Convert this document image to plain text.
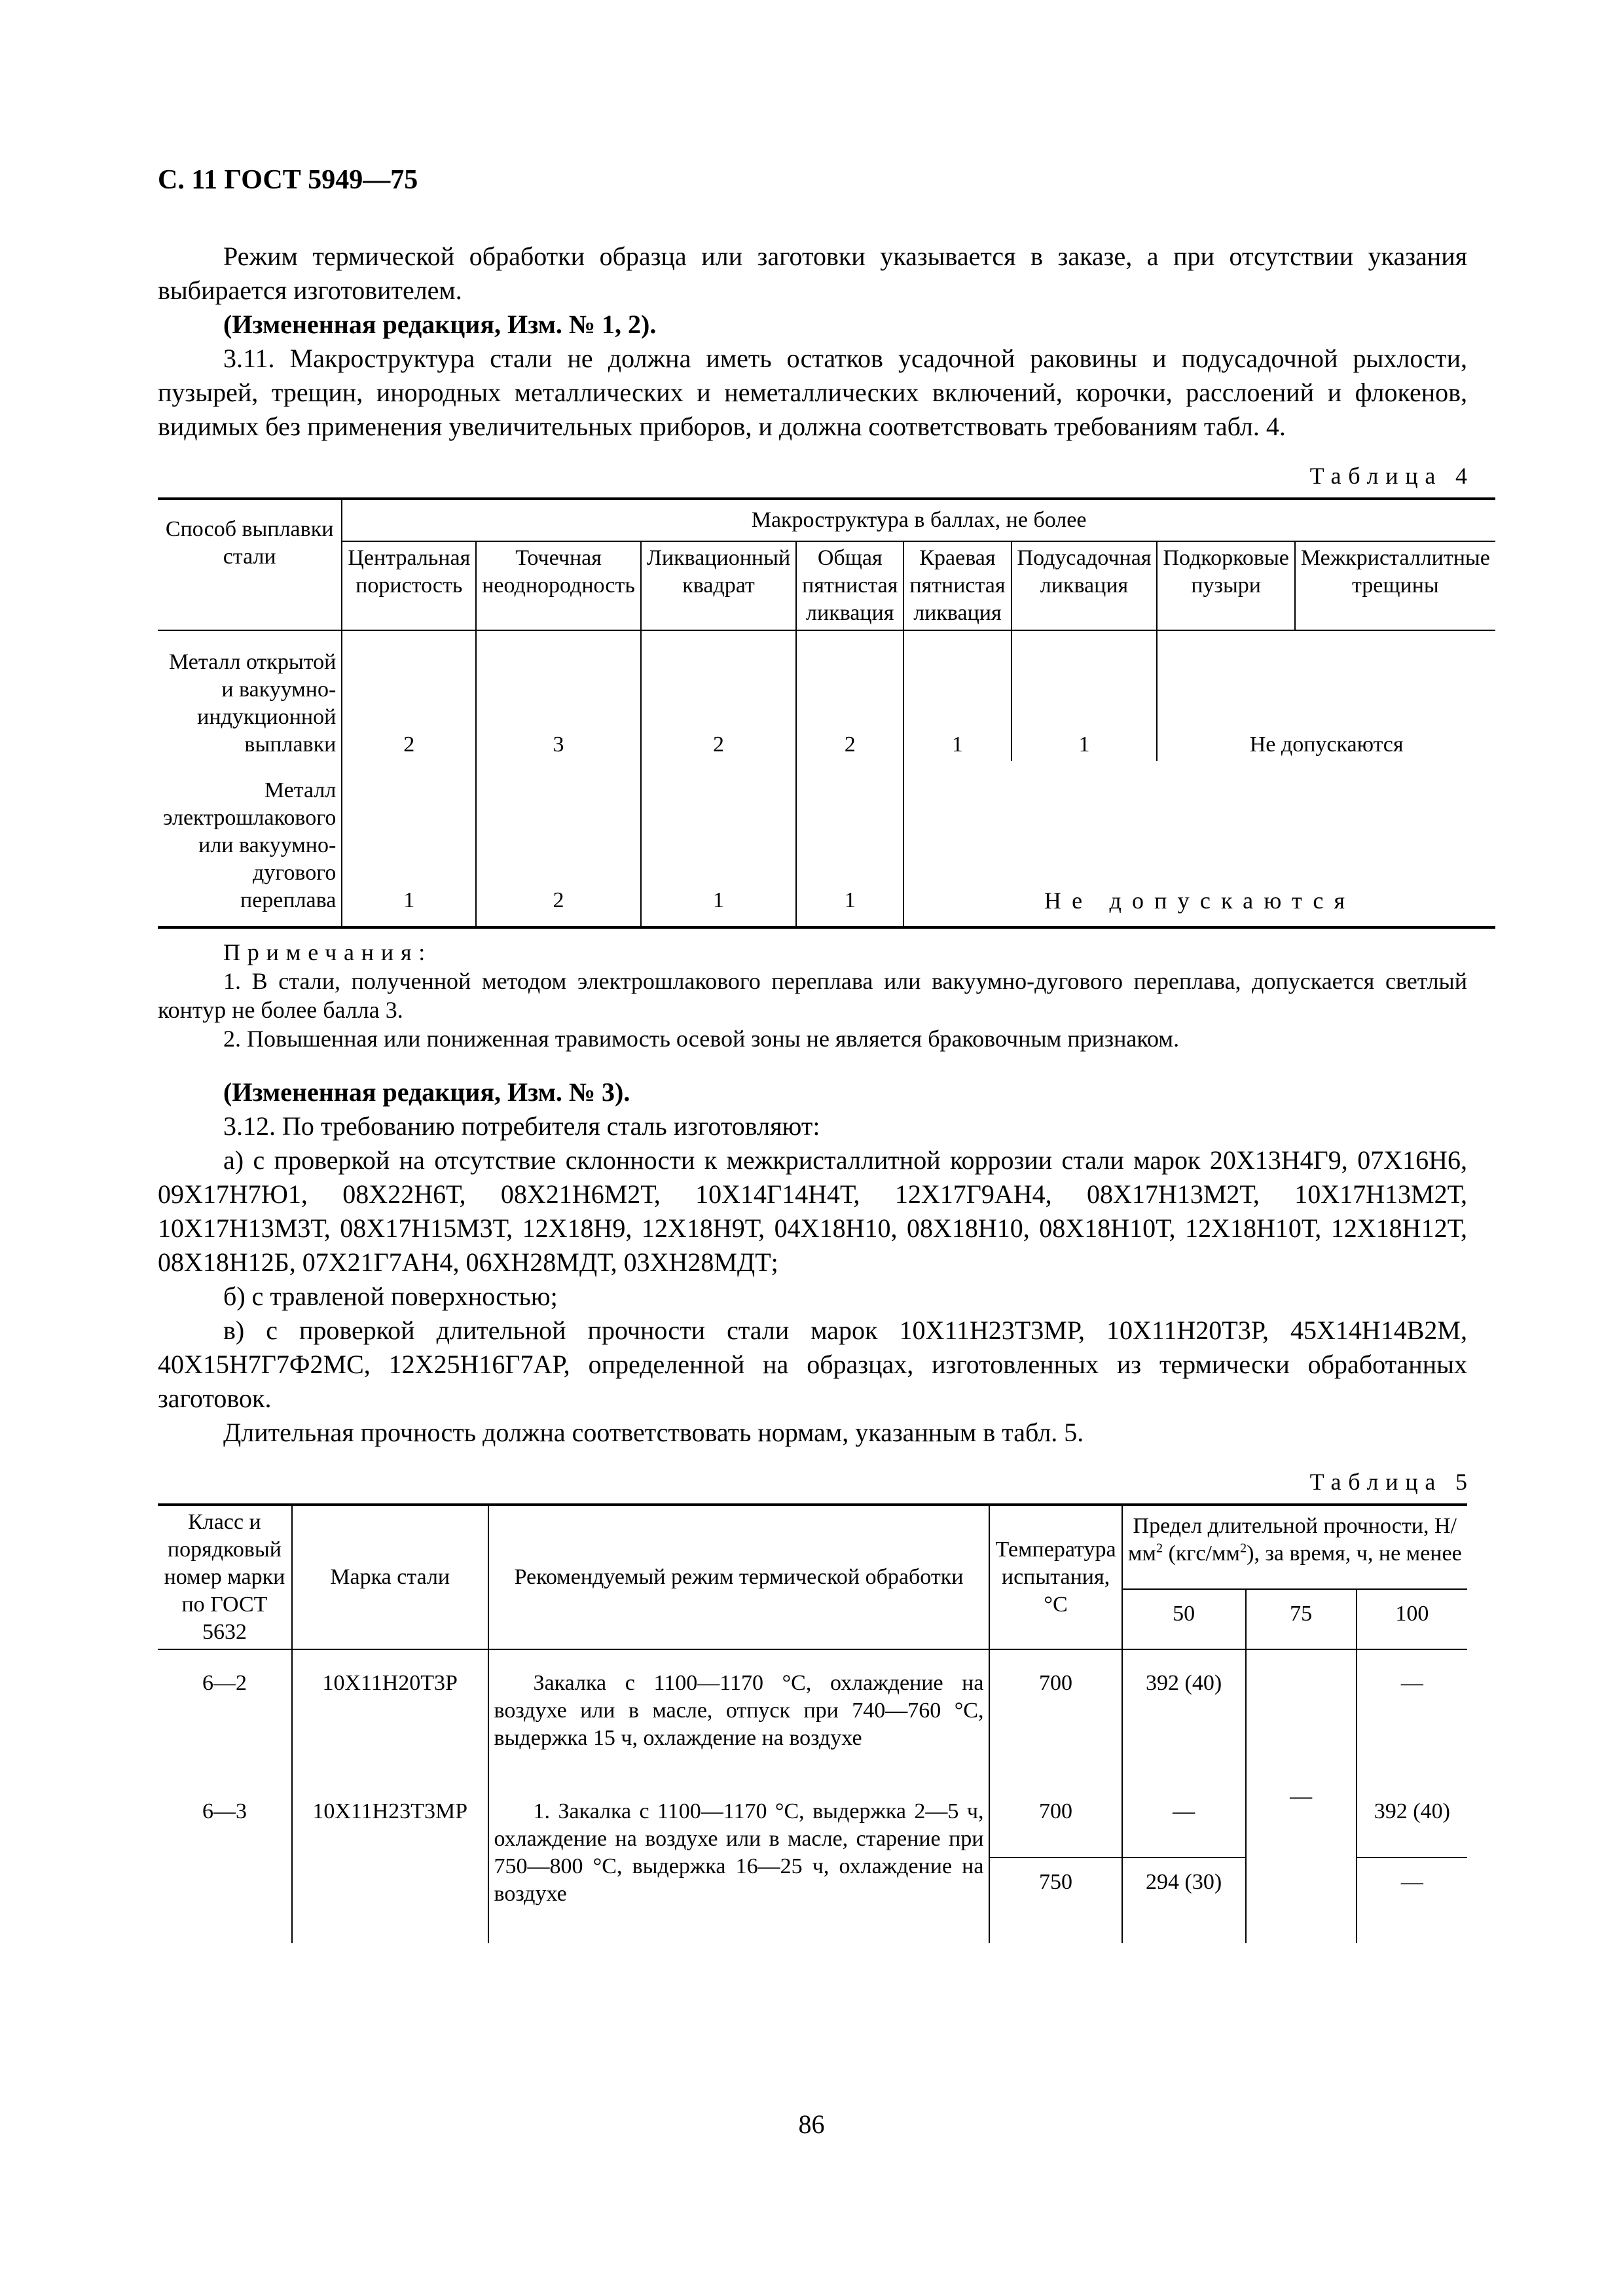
С. 11 ГОСТ 5949—75
Режим термической обработки образца или заготовки указывается в заказе, а при отсутствии указания выбирается изготовителем.
(Измененная редакция, Изм. № 1, 2).
3.11. Макроструктура стали не должна иметь остатков усадочной раковины и подусадочной рыхлости, пузырей, трещин, инородных металлических и неметаллических включений, корочки, расслоений и флокенов, видимых без применения увеличительных приборов, и должна соответствовать требованиям табл. 4.
Таблица 4
Способ выплавки стали	Макроструктура в баллах, не более							
	Центральная пористость	Точечная неоднородность	Ликвационный квадрат	Общая пятнистая ликвация	Краевая пятнистая ликвация	Подусадочная ликвация	Подкорковые пузыри	Межкристаллитные трещины
Металл открытой и вакуумно-индукционной выплавки	2	3	2	2	1	1	Не допускаются	
Металл электрошлакового или вакуумно-дугового переплава	1	2	1	1	Не допускаются			
Примечания:
1. В стали, полученной методом электрошлакового переплава или вакуумно-дугового переплава, допускается светлый контур не более балла 3.
2. Повышенная или пониженная травимость осевой зоны не является браковочным признаком.
(Измененная редакция, Изм. № 3).
3.12. По требованию потребителя сталь изготовляют:
а) с проверкой на отсутствие склонности к межкристаллитной коррозии стали марок 20Х13Н4Г9, 07Х16Н6, 09Х17Н7Ю1, 08Х22Н6Т, 08Х21Н6М2Т, 10Х14Г14Н4Т, 12Х17Г9АН4, 08Х17Н13М2Т, 10Х17Н13М2Т, 10Х17Н13М3Т, 08Х17Н15М3Т, 12Х18Н9, 12Х18Н9Т, 04Х18Н10, 08Х18Н10, 08Х18Н10Т, 12Х18Н10Т, 12Х18Н12Т, 08Х18Н12Б, 07Х21Г7АН4, 06ХН28МДТ, 03ХН28МДТ;
б) с травленой поверхностью;
в) с проверкой длительной прочности стали марок 10Х11Н23Т3МР, 10Х11Н20Т3Р, 45Х14Н14В2М, 40Х15Н7Г7Ф2МС, 12Х25Н16Г7АР, определенной на образцах, изготовленных из термически обработанных заготовок.
Длительная прочность должна соответствовать нормам, указанным в табл. 5.
Таблица 5
Класс и порядковый номер марки по ГОСТ 5632	Марка стали	Рекомендуемый режим термической обработки	Температура испытания, °С	Предел длительной прочности, $Н/мм^2$ $(кгс/мм^2)$, за время, ч, не менее		
				50	75	100
6—2	10Х11Н20Т3Р	Закалка с 1100—1170 °С, охлаждение на воздухе или в масле, отпуск при 740—760 °С, выдержка 15 ч, охлаждение на воздухе	700	392 (40)	—	—
6—3	10Х11Н23Т3МР	1. Закалка с 1100—1170 °С, выдержка 2—5 ч, охлаждение на воздухе или в масле, старение при 750—800 °С, выдержка 16—25 ч, охлаждение на воздухе	700	—		392 (40)
			750	294 (30)		—
86
